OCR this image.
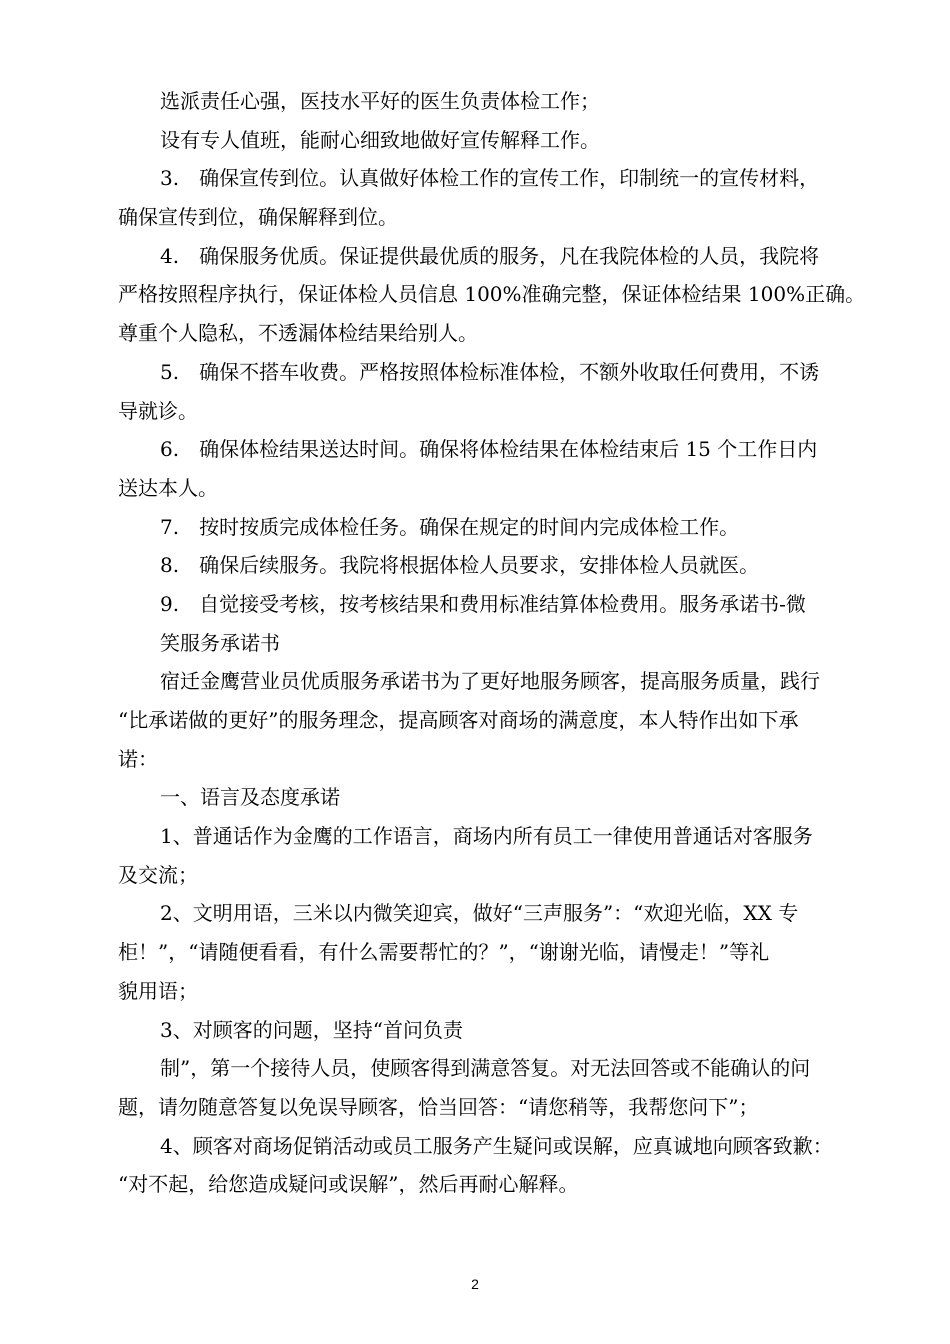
选派责任心强，医技水平好的医生负责体检工作；
设有专人值班，能耐心细致地做好宣传解释工作。
3.　确保宣传到位。认真做好体检工作的宣传工作，印制统一的宣传材料，
确保宣传到位，确保解释到位。
4.　确保服务优质。保证提供最优质的服务，凡在我院体检的人员，我院将
严格按照程序执行，保证体检人员信息 100%准确完整，保证体检结果 100%正确。
尊重个人隐私，不透漏体检结果给别人。
5.　确保不搭车收费。严格按照体检标准体检，不额外收取任何费用，不诱
导就诊。
6.　确保体检结果送达时间。确保将体检结果在体检结束后 15 个工作日内
送达本人。
7.　按时按质完成体检任务。确保在规定的时间内完成体检工作。
8.　确保后续服务。我院将根据体检人员要求，安排体检人员就医。
9.　自觉接受考核，按考核结果和费用标准结算体检费用。服务承诺书-微
笑服务承诺书
宿迁金鹰营业员优质服务承诺书为了更好地服务顾客，提高服务质量，践行
“比承诺做的更好”的服务理念，提高顾客对商场的满意度，本人特作出如下承
诺：
一、语言及态度承诺
1、普通话作为金鹰的工作语言，商场内所有员工一律使用普通话对客服务
及交流；
2、文明用语，三米以内微笑迎宾，做好“三声服务”：“欢迎光临，XX 专
柜！”，“请随便看看，有什么需要帮忙的？”，“谢谢光临，请慢走！”等礼
貌用语；
3、对顾客的问题，坚持“首问负责
制”，第一个接待人员，使顾客得到满意答复。对无法回答或不能确认的问
题，请勿随意答复以免误导顾客，恰当回答：“请您稍等，我帮您问下”；
4、顾客对商场促销活动或员工服务产生疑问或误解，应真诚地向顾客致歉：
“对不起，给您造成疑问或误解”，然后再耐心解释。
2
